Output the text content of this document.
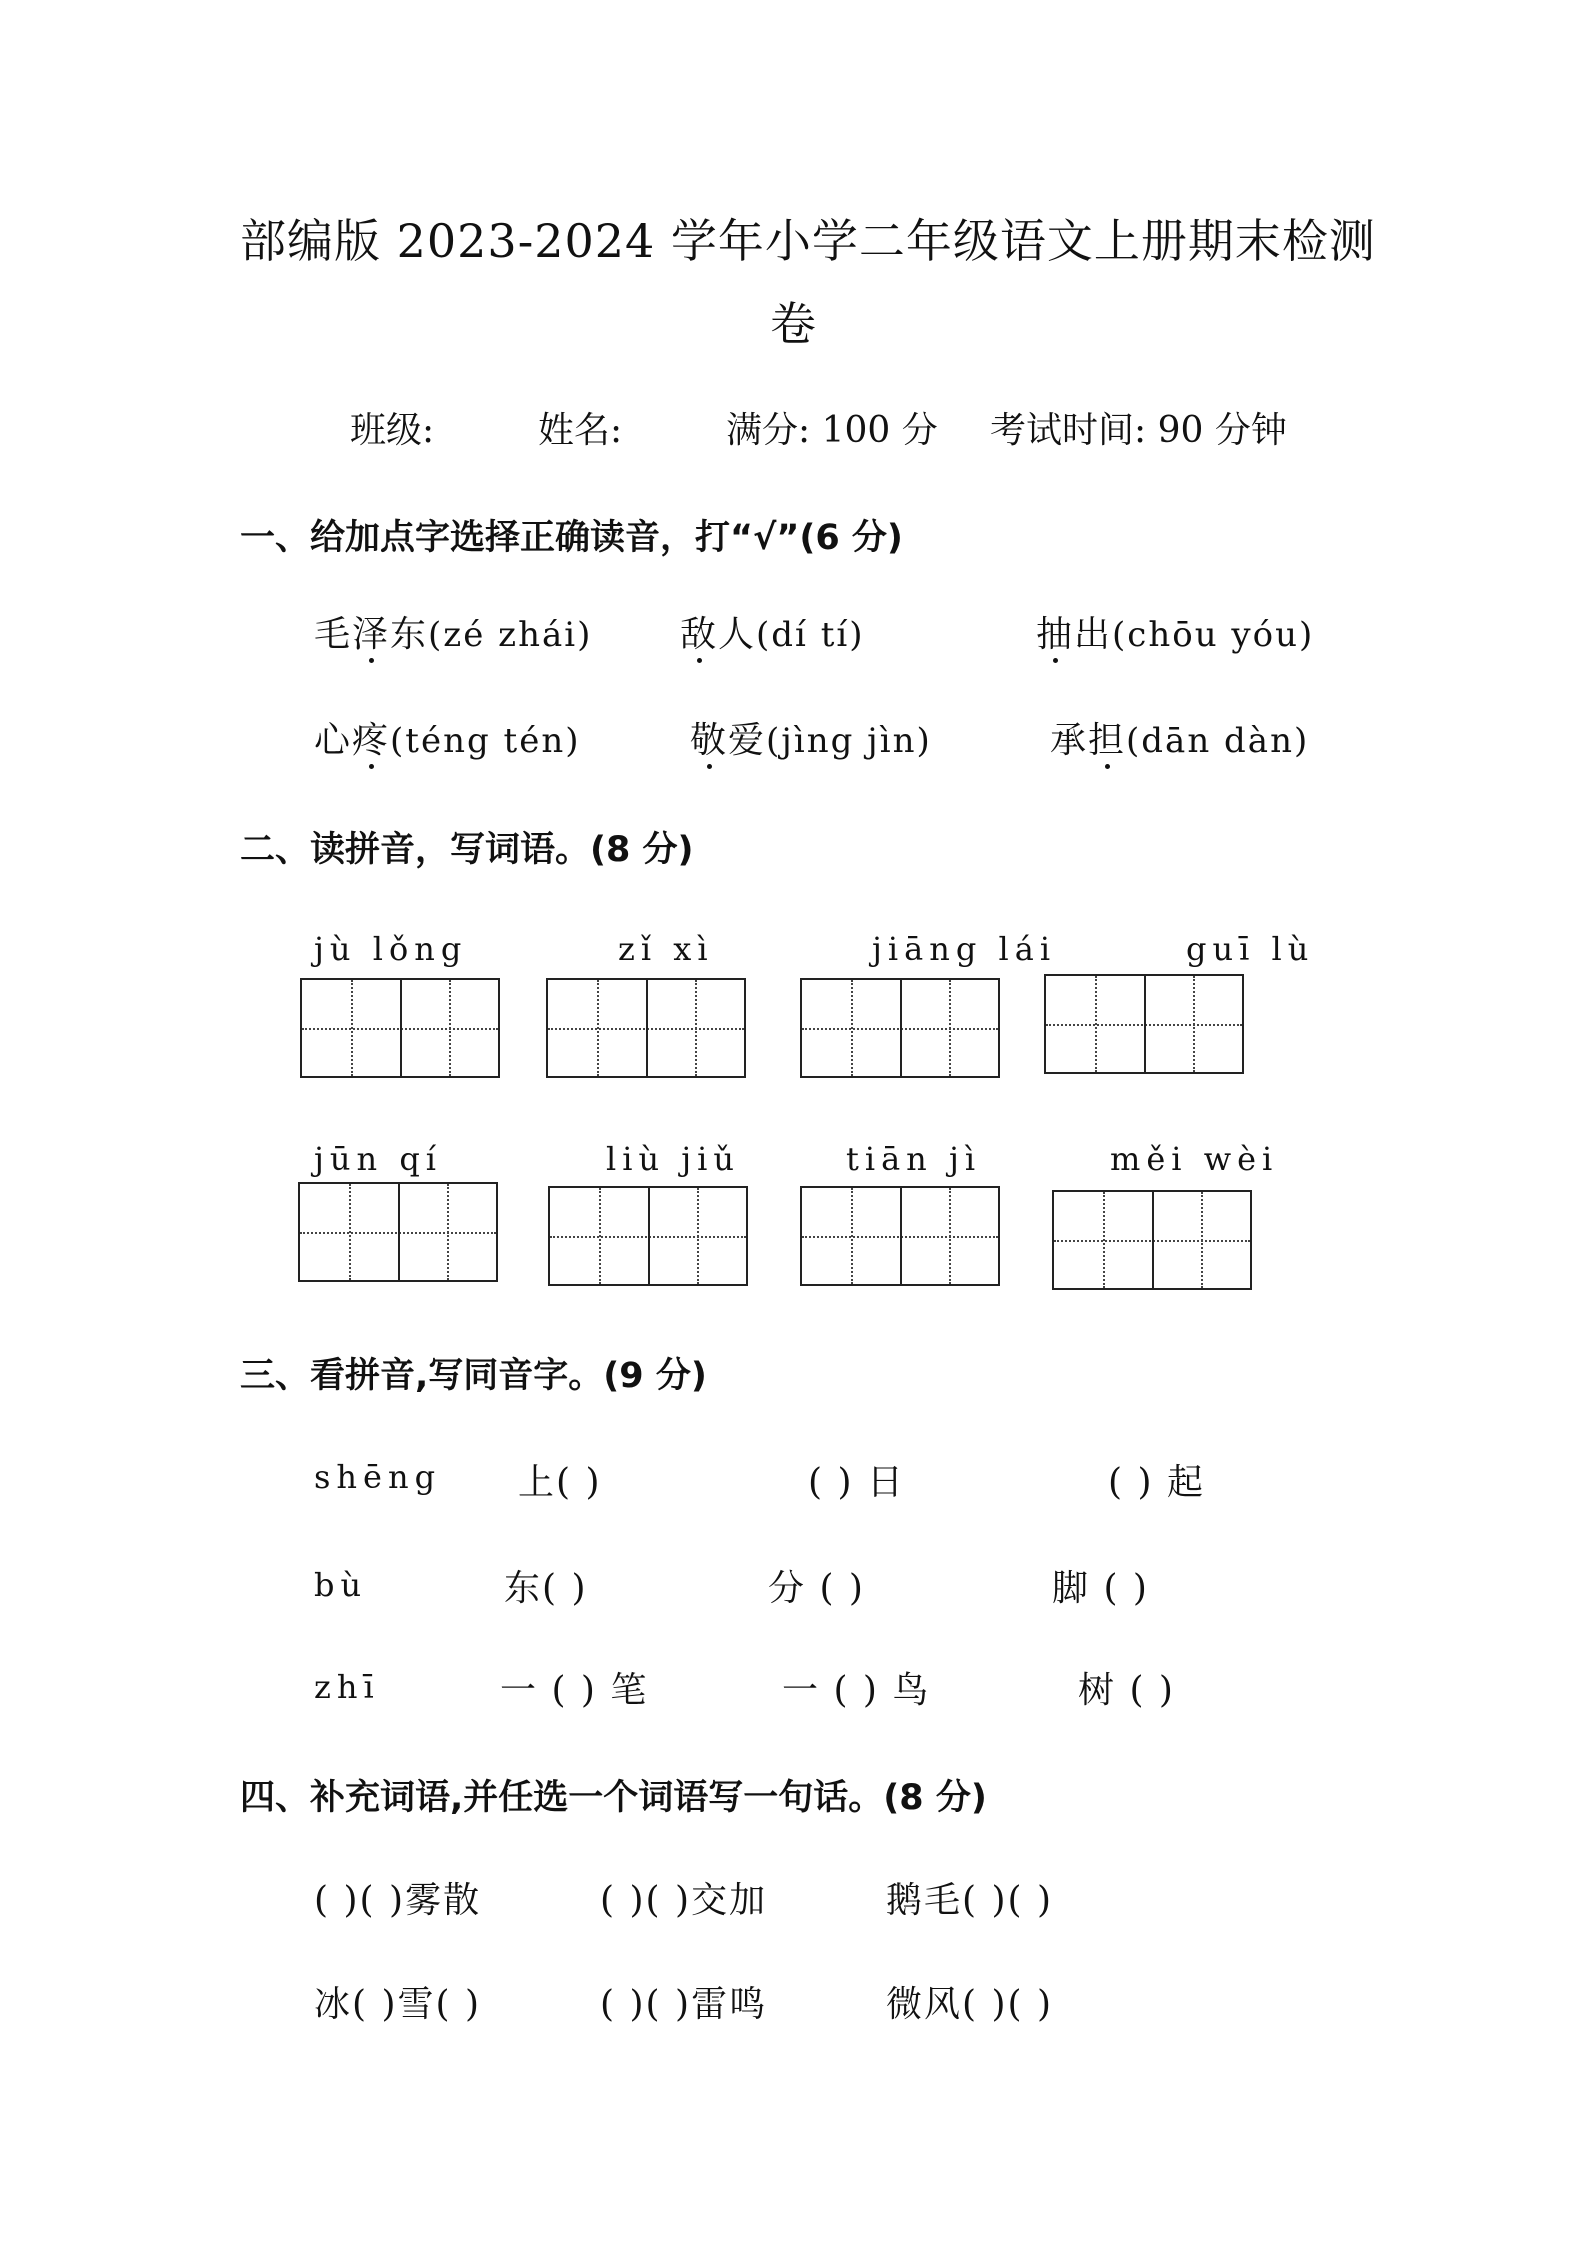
部编版 2023-2024 学年小学二年级语文上册期末检测
卷
班级:	姓名:	满分: 100 分 考试时间: 90 分钟
一、给加点字选择正确读音，打“√”(6 分)
毛泽东(zé zhái) 敌人(dí tí)	抽出(chōu yóu)
心疼(téng tén)	敬爱(jìng jìn)	承担(dān dàn)
二、读拼音，写词语。(8 分)
jù lǒng	zǐ xì	jiāng lái	guī lù
jūn qí	liù jiǔ	tiān jì	měi wèi
三、看拼音,写同音字。(9 分)
shēng 上( )	( ) 日	( ) 起
bù	东( )	分 ( )	脚 ( )
zhī	一 ( ) 笔	一 ( ) 鸟	树 ( )
四、补充词语,并任选一个词语写一句话。(8 分)
( )( )雾散	( )( )交加	鹅毛( )( )
冰( )雪( )	( )( )雷鸣	微风( )( )
